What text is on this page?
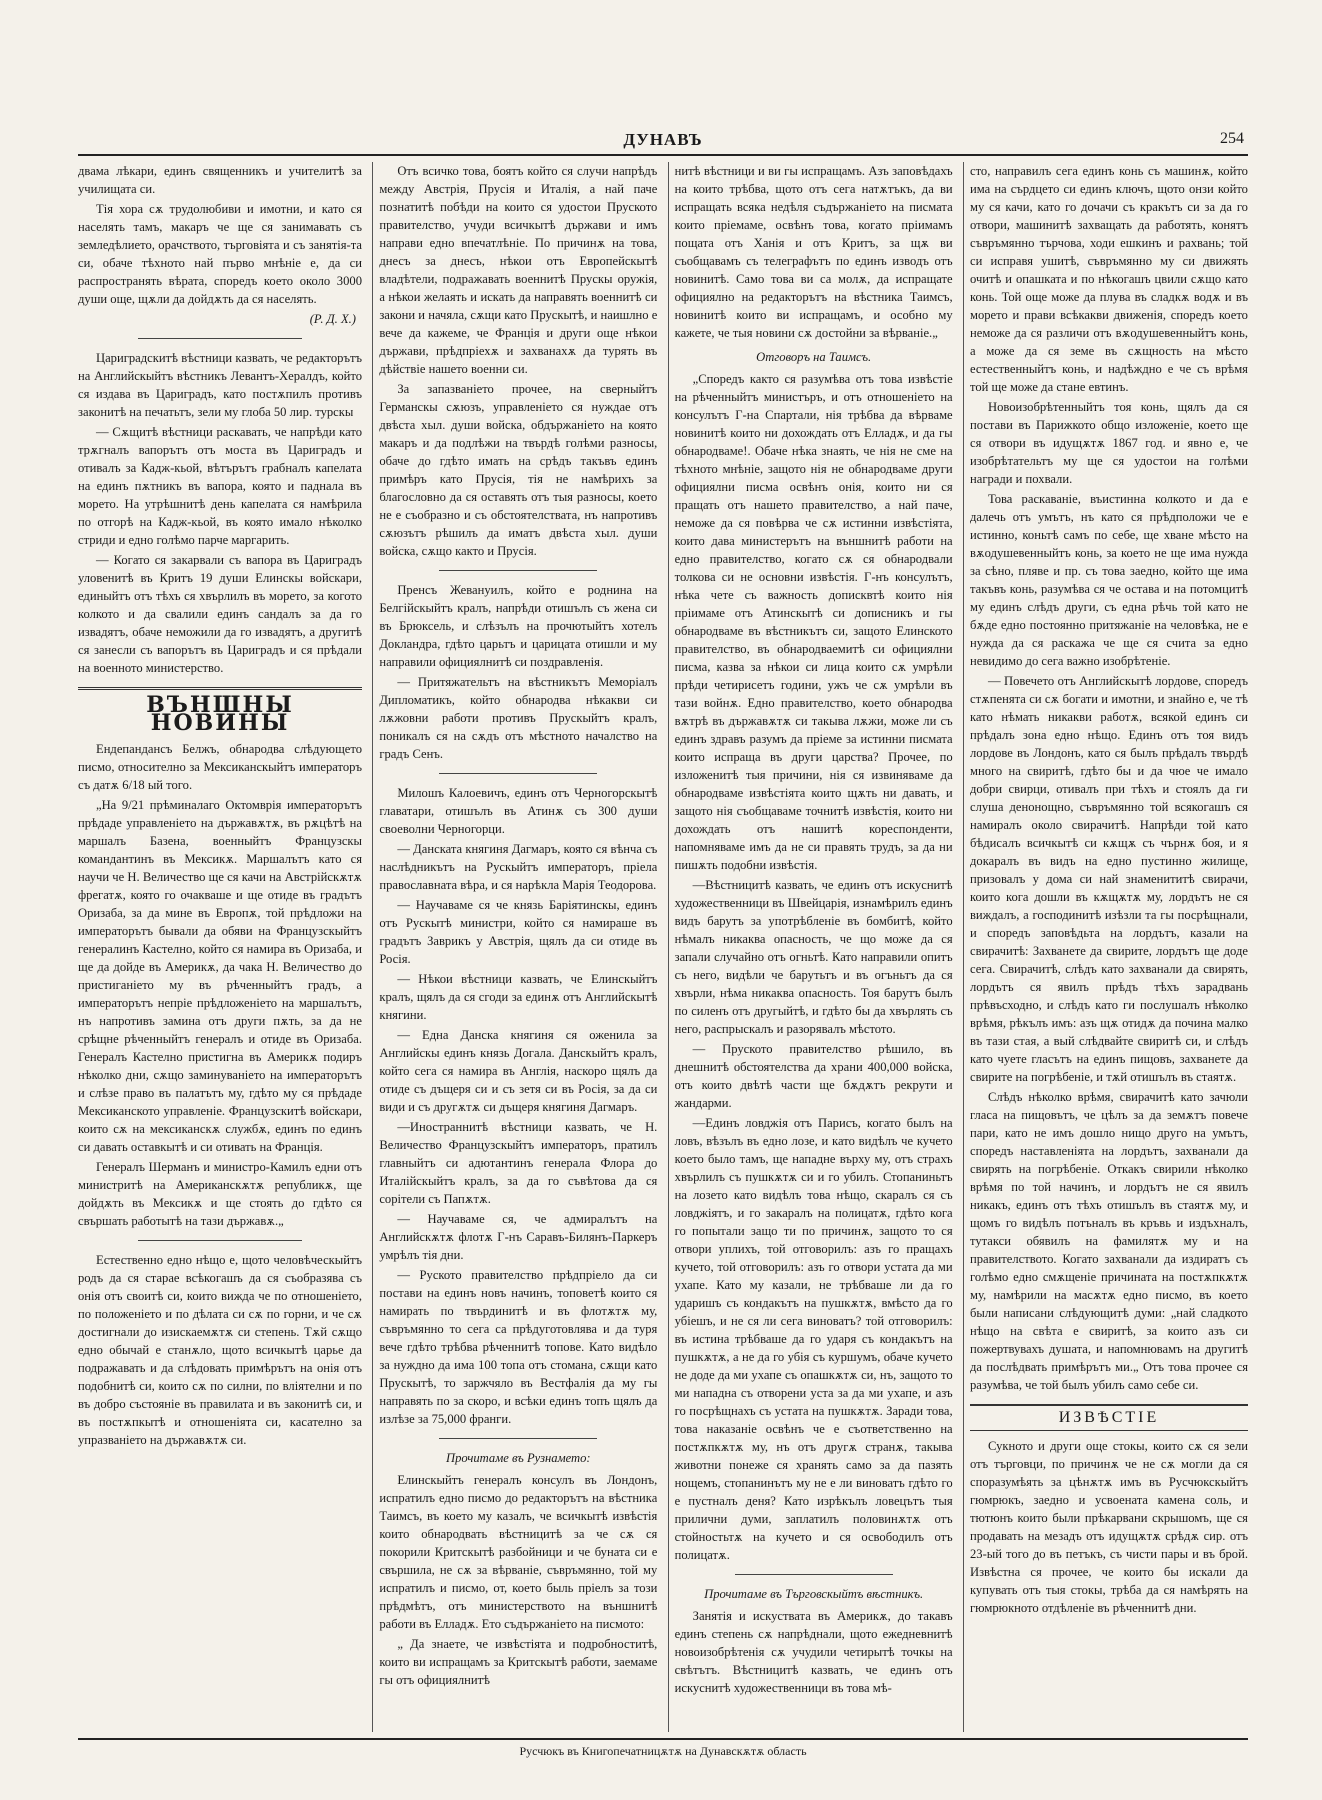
ДУНАВЪ	254

двама лѣкари, единъ священникъ и учителитѣ за училищата си.

Тія хора сѫ трудолюбиви и имотни, и като ся населять тамъ, макаръ че ще ся занимавать съ земледѣлието, орачството, търговіята и съ занятія-та си, обаче тѣхното най първо мнѣніе е, да си распространять вѣрата, споредъ което около 3000 души още, щѫли да дойдѫть да ся населять.

(Р. Д. Х.)

Цариградскитѣ вѣстници казвать, че редакторътъ на Английскыйтъ вѣстникъ Левантъ-Хералдъ, който ся издава въ Цариградъ, като постѫпилъ противъ законитѣ на печатьтъ, зели му глоба 50 лир. турскы

— Сѫщитѣ вѣстници раскавать, че напрѣди като трѫгналъ вапорътъ отъ моста въ Цариградъ и отивалъ за Кадж-кьой, вѣтърътъ грабналъ капелата на единъ пѫтникъ въ вапора, която и паднала въ морето. На утрѣшнитѣ день капелата ся намѣрила по отгорѣ на Кадж-кьой, въ която имало нѣколко стриди и едно голѣмо парче маргарить.

— Когато ся закарвали съ вапора въ Цариградъ уловенитѣ въ Критъ 19 души Елинскы войскари, единыйтъ отъ тѣхъ ся хвърлилъ въ морето, за когото колкото и да свалили единъ сандалъ за да го извадятъ, обаче неможили да го извадятъ, а другитѣ ся занесли съ вапорътъ въ Цариградъ и ся прѣдали на военното министерство.

ВЪНШНЫ НОВИНЫ

Ендепандансъ Белжъ, обнародва слѣдующето писмо, относително за Мексиканскыйтъ императоръ съ датѫ 6/18 ый того.

„На 9/21 прѣминалаго Октомврія императорътъ прѣдаде управленіето на държавѫтѫ, въ рѫцѣтѣ на маршалъ Базена, военныйтъ Французскы командантинъ въ Мексикѫ. Маршалътъ като ся научи че Н. Величество ще ся качи на Австрійскѫтѫ фрегатѫ, която го очакваше и ще отиде въ градътъ Оризаба, за да мине въ Европѫ, той прѣдложи на императорътъ бывали да обяви на Французскыйтъ генералинъ Кастелно, който ся намира въ Оризаба, и ще да дойде въ Америкѫ, да чака Н. Величество до пристиганіето му въ рѣченныйтъ градъ, а императорътъ непріе прѣдложеніето на маршалътъ, нъ напротивъ замина отъ други пѫть, за да не срѣщне рѣченныйтъ генералъ и отиде въ Оризаба. Генералъ Кастелно пристигна въ Америкѫ подиръ нѣколко дни, сѫщо заминуваніето на императорътъ и слѣзе право въ палатътъ му, гдѣто му ся прѣдаде Мексиканското управленіе. Французскитѣ войскари, които сѫ на мексиканскѫ службѫ, единъ по единъ си давать оставкытѣ и си отивать на Франція.

Генералъ Шерманъ и министро-Камилъ едни отъ министритѣ на Американскѫтѫ републикѫ, ще дойдѫть въ Мексикѫ и ще стоять до гдѣто ся свършать работытѣ на тази държавѫ.„

Естественно едно нѣщо е, щото человѣческыйтъ родъ да ся старае всѣкогашъ да ся съобразява съ онія отъ своитѣ си, които вижда че по отношеніето, по положеніето и по дѣлата си сѫ по горни, и че сѫ достигнали до изискаемѫтѫ си степень. Тѫй сѫщо едно обычай е станѫло, щото всичкытѣ царье да подражавать и да слѣдовать примѣрътъ на онія отъ подобнитѣ си, които сѫ по силни, по вліятелни и по въ добро състояніе въ правилата и въ законитѣ си, и въ постѫпкытѣ и отношеніята си, касателно за упразваніето на държавѫтѫ си.

Отъ всичко това, боятъ който ся случи напрѣдъ между Австрія, Прусія и Италія, а най паче познатитѣ побѣди на които ся удостои Пруското правителство, учуди всичкытѣ държави и имъ направи едно впечатлѣніе. По причинѫ на това, днесъ за днесъ, нѣкои отъ Европейскытѣ владѣтели, подражавать военнитѣ Прускы оружія, а нѣкои желаять и искать да направять военнитѣ си закони и начяла, сѫщи като Прускытѣ, и наишлно е вече да кажеме, че Франція и други още нѣкои държави, прѣдпріехѫ и захванахѫ да турять въ дѣйствіе нашето военни си.

За запазваніето прочее, на сверныйтъ Германскы сѫюзъ, управленіето ся нуждае отъ двѣста хыл. души войска, обдържаніето на която макаръ и да подлѣжи на твърдѣ голѣми разносы, обаче до гдѣто имать на срѣдъ такъвъ единъ примѣръ като Прусія, тія не намѣрихъ за благословно да ся оставять отъ тыя разносы, което не е съобразно и съ обстоятелствата, нъ напротивъ сѫюзътъ рѣшилъ да иматъ двѣста хыл. души войска, сѫщо както и Прусія.

Пренсъ Жевануилъ, който е роднина на Белгійскыйтъ кралъ, напрѣди отишълъ съ жена си въ Брюксель, и слѣзълъ на прочютыйтъ хотелъ Докландра, гдѣто царьтъ и царицата отишли и му направили официялнитѣ си поздравленія.

— Притяжательтъ на вѣстникътъ Меморіалъ Дипломатикъ, който обнародва нѣкакви си лѫжовни работи противъ Прускыйтъ кралъ, поникалъ ся на сѫдъ отъ мѣстното началство на градъ Сенъ.

Милошъ Калоевичъ, единъ отъ Черногорскытѣ главатари, отишълъ въ Атинѫ съ 300 души своеволни Черногорци.

— Данската княгиня Дагмаръ, която ся вѣнча съ наслѣдникътъ на Рускыйтъ императоръ, пріела православната вѣра, и ся нарѣкла Марія Теодорова.

— Научаваме ся че князь Баріятинскы, единъ отъ Рускытѣ министри, който ся намираше въ градътъ Заврикъ у Австрія, щялъ да си отиде въ Росія.

— Нѣкои вѣстници казвать, че Елинскыйтъ кралъ, щялъ да ся сгоди за единѫ отъ Английскытѣ княгини.

— Една Данска княгиня ся оженила за Английскы единъ князь Догала. Данскыйтъ кралъ, който сега ся намира въ Англія, наскоро щялъ да отиде съ дъщеря си и съ зетя си въ Росія, за да си види и съ другѫтѫ си дъщеря княгиня Дагмаръ.

—Иностраннитѣ вѣстници казвать, че Н. Величество Французскыйтъ императоръ, пратилъ главныйтъ си адютантинъ генерала Флора до Италійскыйтъ кралъ, за да го съвѣтова да ся сорітели съ Папѫтѫ.

— Научаваме ся, че адмиралътъ на Английскѫтѫ флотѫ Г-нъ Саравъ-Билянъ-Паркеръ умрѣлъ тія дни.

— Руското правителство прѣдпріело да си постави на единъ новъ начинъ, топоветѣ които ся намирать по твърдинитѣ и въ флотѫтѫ му, съвръмянно то сега са прѣдуготовлява и да туря вече гдѣто трѣбва рѣченнитѣ топове. Като видѣло за нуждно да има 100 топа отъ стомана, сѫщи като Прускытѣ, то заржчяло въ Вестфалія да му гы направять по за скоро, и всѣки единъ топъ щялъ да излѣзе за 75,000 франги.

Прочитаме въ Рузнамето:

Елинскыйтъ генералъ консулъ въ Лондонъ, испратилъ едно писмо до редакторътъ на вѣстника Таимсъ, въ което му казалъ, че всичкытѣ извѣстія които обнародвать вѣстницитѣ за че сѫ ся покорили Критскытѣ разбойници и че буната си е свършила, не сѫ за вѣрваніе, съвръмянно, той му испратилъ и писмо, от, което быль пріелъ за този прѣдмѣтъ, отъ министерството на външнитѣ работи въ Елладѫ. Ето съдържаніето на писмото:

„ Да знаете, че извѣстіята и подробноститѣ, които ви испращамъ за Критскытѣ работи, заемаме гы отъ официялнитѣ

нитѣ вѣстници и ви гы испращамъ. Азъ заповѣдахъ на които трѣбва, щото отъ сега натѫтъкъ, да ви испращать всяка недѣля съдържаніето на писмата които пріемаме, освѣнъ това, когато пріимамъ пощата отъ Ханія и отъ Критъ, за щѫ ви съобщавамъ съ телеграфътъ по единъ изводъ отъ новинитѣ. Само това ви са молѫ, да испращате официялно на редакторътъ на вѣстника Таимсъ, новинитѣ които ви испращамъ, и особно му кажете, че тыя новини сѫ достойни за вѣрваніе.„

Отговоръ на Таимсъ.

„Споредъ както ся разумѣва отъ това извѣстіе на рѣченныйтъ министъръ, и отъ отношеніето на консулътъ Г-на Спартали, нія трѣбва да вѣрваме новинитѣ които ни дохождать отъ Елладѫ, и да гы обнародваме!. Обаче нѣка знаять, че нія не сме на тѣхното мнѣніе, защото нія не обнародваме други официялни писма освѣнъ онія, които ни ся пращать отъ нашето правителство, а най паче, неможе да ся повѣрва че сѫ истинни извѣстіята, които дава министерътъ на външнитѣ работи на едно правителство, когато сѫ ся обнародвали толкова си не основни извѣстія. Г-нъ консулътъ, нѣка чете съ важность дописквтѣ които нія пріимаме отъ Атинскытѣ си дописникъ и гы обнародваме въ вѣстникътъ си, защото Елинското правителство, въ обнародваемитѣ си официялни писма, казва за нѣкои си лица които сѫ умрѣли прѣди четирисетъ години, ужъ че сѫ умрѣли въ тази войнѫ. Едно правителство, което обнародва вѫтрѣ въ държавѫтѫ си такыва лѫжи, може ли съ единъ здравъ разумъ да пріеме за истинни писмата които испраща въ други царства? Прочее, по изложенитѣ тыя причини, нія ся извиняваме да обнародваме извѣстіята които щѫть ни давать, и защото нія съобщаваме точнитѣ извѣстія, които ни дохождать отъ нашитѣ кореспонденти, напомняваме имъ да не си правять трудъ, за да ни пишѫть подобни извѣстія.

—Вѣстницитѣ казвать, че единъ отъ искуснитѣ художественници въ Швейцарія, изнамѣрилъ единъ видъ барутъ за употрѣбленіе въ бомбитѣ, който нѣмалъ никаква опасность, че що може да ся запали случайно отъ огньтѣ. Като направили опитъ съ него, видѣли че барутьтъ и въ огъньтъ да ся хвърли, нѣма никаква опасность. Тоя барутъ былъ по силенъ отъ другыйтѣ, и гдѣто бы да хвърлять съ него, распрыскалъ и разорявалъ мѣстото.

— Пруското правителство рѣшило, въ днешнитѣ обстоятелства да храни 400,000 войска, отъ които двѣтѣ части ще бѫдѫтъ рекрути и жандарми.

—Единъ ловджія отъ Парисъ, когато былъ на ловъ, вѣзълъ въ едно лозе, и като видѣлъ че кучето което было тамъ, ще нападне върху му, отъ страхъ хвърлилъ съ пушкѫтѫ си и го убилъ. Стопаниньтъ на лозето като видѣлъ това нѣщо, скаралъ ся съ ловджіятъ, и го закаралъ на полицатѫ, гдѣто кога го попытали защо ти по причинѫ, защото то ся отвори уплихъ, той отговорилъ: азъ го пращахъ кучето, той отговорилъ: азъ го отвори устата да ми ухапе. Като му казали, не трѣбваше ли да го ударишъ съ кондакътъ на пушкѫтѫ, вмѣсто да го убіешъ, и не ся ли сега виноватъ? той отговорилъ: въ истина трѣбваше да го ударя съ кондакътъ на пушкѫтѫ, а не да го убія съ куршумъ, обаче кучето не доде да ми ухапе съ опашкѫтѫ си, нъ, защото то ми нападна съ отворени уста за да ми ухапе, и азъ го посрѣщнахъ съ устата на пушкѫтѫ. Заради това, това наказаніе освѣнъ че е съответственно на постѫпкѫтѫ му, нъ отъ другѫ странѫ, такыва животни понеже ся хранять само за да пазять нощемъ, стопанинътъ му не е ли виноватъ гдѣто го е пустналъ деня? Като изрѣкълъ ловецътъ тыя прилични думи, заплатилъ половинѫтѫ отъ стойностьтѫ на кучето и ся освободилъ отъ полицатѫ.

Прочитаме въ Търговскыйтъ вѣстникъ.

Занятія и искуствата въ Америкѫ, до такавъ единъ степень сѫ напрѣднали, щото ежедневнитѣ новоизобрѣтенія сѫ учудили четирытѣ точкы на свѣтътъ. Вѣстницитѣ казвать, че единъ отъ искуснитѣ художественници въ това мѣ-

сто, направилъ сега единъ конь съ машинѫ, който има на сърдцето си единъ ключъ, щото онзи който му ся качи, като го дочачи съ кракътъ си за да го отвори, машинитѣ захващать да работять, конятъ съвръмянно търчова, ходи ешкинъ и рахвань; той си исправя ушитѣ, съвръмянно му си движять очитѣ и опашката и по нѣкогашъ цвили сѫщо като конь. Той още може да плува въ сладкѫ водѫ и въ морето и прави всѣкакви движенія, споредъ което неможе да ся различи отъ вѫодушевенныйтъ конь, а може да ся земе въ сѫщность на мѣсто естественныйтъ конь, и надѣждно е че съ врѣмя той ще може да стане евтинъ.

Новоизобрѣтенныйтъ тоя конь, щялъ да ся постави въ Парижкото общо изложеніе, което ще ся отвори въ идущѫтѫ 1867 год. и явно е, че изобрѣтательтъ му ще ся удостои на голѣми награди и похвали.

Това раскаваніе, въистинна колкото и да е далечь отъ умътъ, нъ като ся прѣдположи че е истинно, коньтѣ самъ по себе, ще хване мѣсто на вѫодушевенныйтъ конь, за което не ще има нужда за сѣно, пляве и пр. съ това заедно, който ще има такъвъ конь, разумѣва ся че остава и на потомцитѣ му единъ слѣдъ други, съ една рѣчь той като не бѫде едно постоянно притяжаніе на человѣка, не е нужда да ся раскажа че ще ся счита за едно невидимо до сега важно изобрѣтеніе.

— Повечето отъ Английскытѣ лордове, споредъ стѫпенята си сѫ богати и имотни, и знайно е, че тѣ като нѣмать никакви работѫ, всякой единъ си прѣдалъ зона едно нѣщо. Единъ отъ тоя видъ лордове въ Лондонъ, като ся былъ прѣдалъ твърдѣ много на свиритѣ, гдѣто бы и да чюе че имало добри свирци, отивалъ при тѣхъ и стоялъ да ги слуша денонощно, съвръмянно той всякогашъ ся намиралъ около свирачитѣ. Напрѣди той като бѣдисалъ всичкытѣ си кѫщѫ съ чърнѫ боя, и я докаралъ въ видъ на едно пустинно жилище, призовалъ у дома си най знаменититѣ свирачи, които кога дошли въ кѫщѫтѫ му, лордътъ не ся виждалъ, а господинитѣ изѣзли та гы посрѣщнали, и споредъ заповѣдьта на лордътъ, казали на свирачитѣ: Захванете да свирите, лордътъ ще доде сега. Свирачитѣ, слѣдъ като захванали да свирять, лордътъ ся явилъ прѣдъ тѣхъ зарадвань прѣвъсходно, и слѣдъ като ги послушалъ нѣколко врѣмя, рѣкълъ имъ: азъ щѫ отидѫ да почина малко въ тази стая, а вый слѣдвайте свиритѣ си, и слѣдъ като чуете гласътъ на единъ пищовъ, захванете да свирите на погрѣбеніе, и тѫй отишълъ въ стаятѫ.

Слѣдъ нѣколко врѣмя, свирачитѣ като зачюли гласа на пищовътъ, че цѣлъ за да земѫтъ повече пари, като не имъ дошло нищо друго на умътъ, споредъ наставленіята на лордътъ, захванали да свирять на погрѣбеніе. Откакъ свирили нѣколко врѣмя по той начинъ, и лордътъ не ся явилъ никакъ, единъ отъ тѣхъ отишълъ въ стаятѫ му, и щомъ го видѣлъ потъналъ въ кръвь и издъхналъ, тутакси обявилъ на фамилятѫ му и на правителството. Когато захванали да издиратъ съ голѣмо едно смѫщеніе причината на постѫпкѫтѫ му, намѣрили на масѫтѫ едно писмо, въ което были написани слѣдующитѣ думи: „най сладкото нѣщо на свѣта е свиритѣ, за които азъ си пожертвувахъ душата, и напомнювамъ на другитѣ да послѣдвать примѣрътъ ми.„ Отъ това прочее ся разумѣва, че той былъ убилъ само себе си.

ИЗВѢСТІЕ

Сукното и други още стокы, които сѫ ся зели отъ търговци, по причинѫ че не сѫ могли да ся споразумѣять за цѣнѫтѫ имъ въ Русчюкскыйтъ гюмрюкъ, заедно и усвоената камена соль, и тютюнъ които были прѣкарвани скрышомъ, ще ся продавать на мезадъ отъ идущѫтѫ срѣдѫ сир. отъ 23-ый того до въ петъкъ, съ чисти пары и въ брой. Извѣстна ся прочее, че които бы искали да купувать отъ тыя стокы, трѣба да ся намѣрять на гюмрюкното отдѣленіе въ рѣченнитѣ дни.

Русчюкъ въ Книгопечатницѫтѫ на Дунавскѫтѫ область
